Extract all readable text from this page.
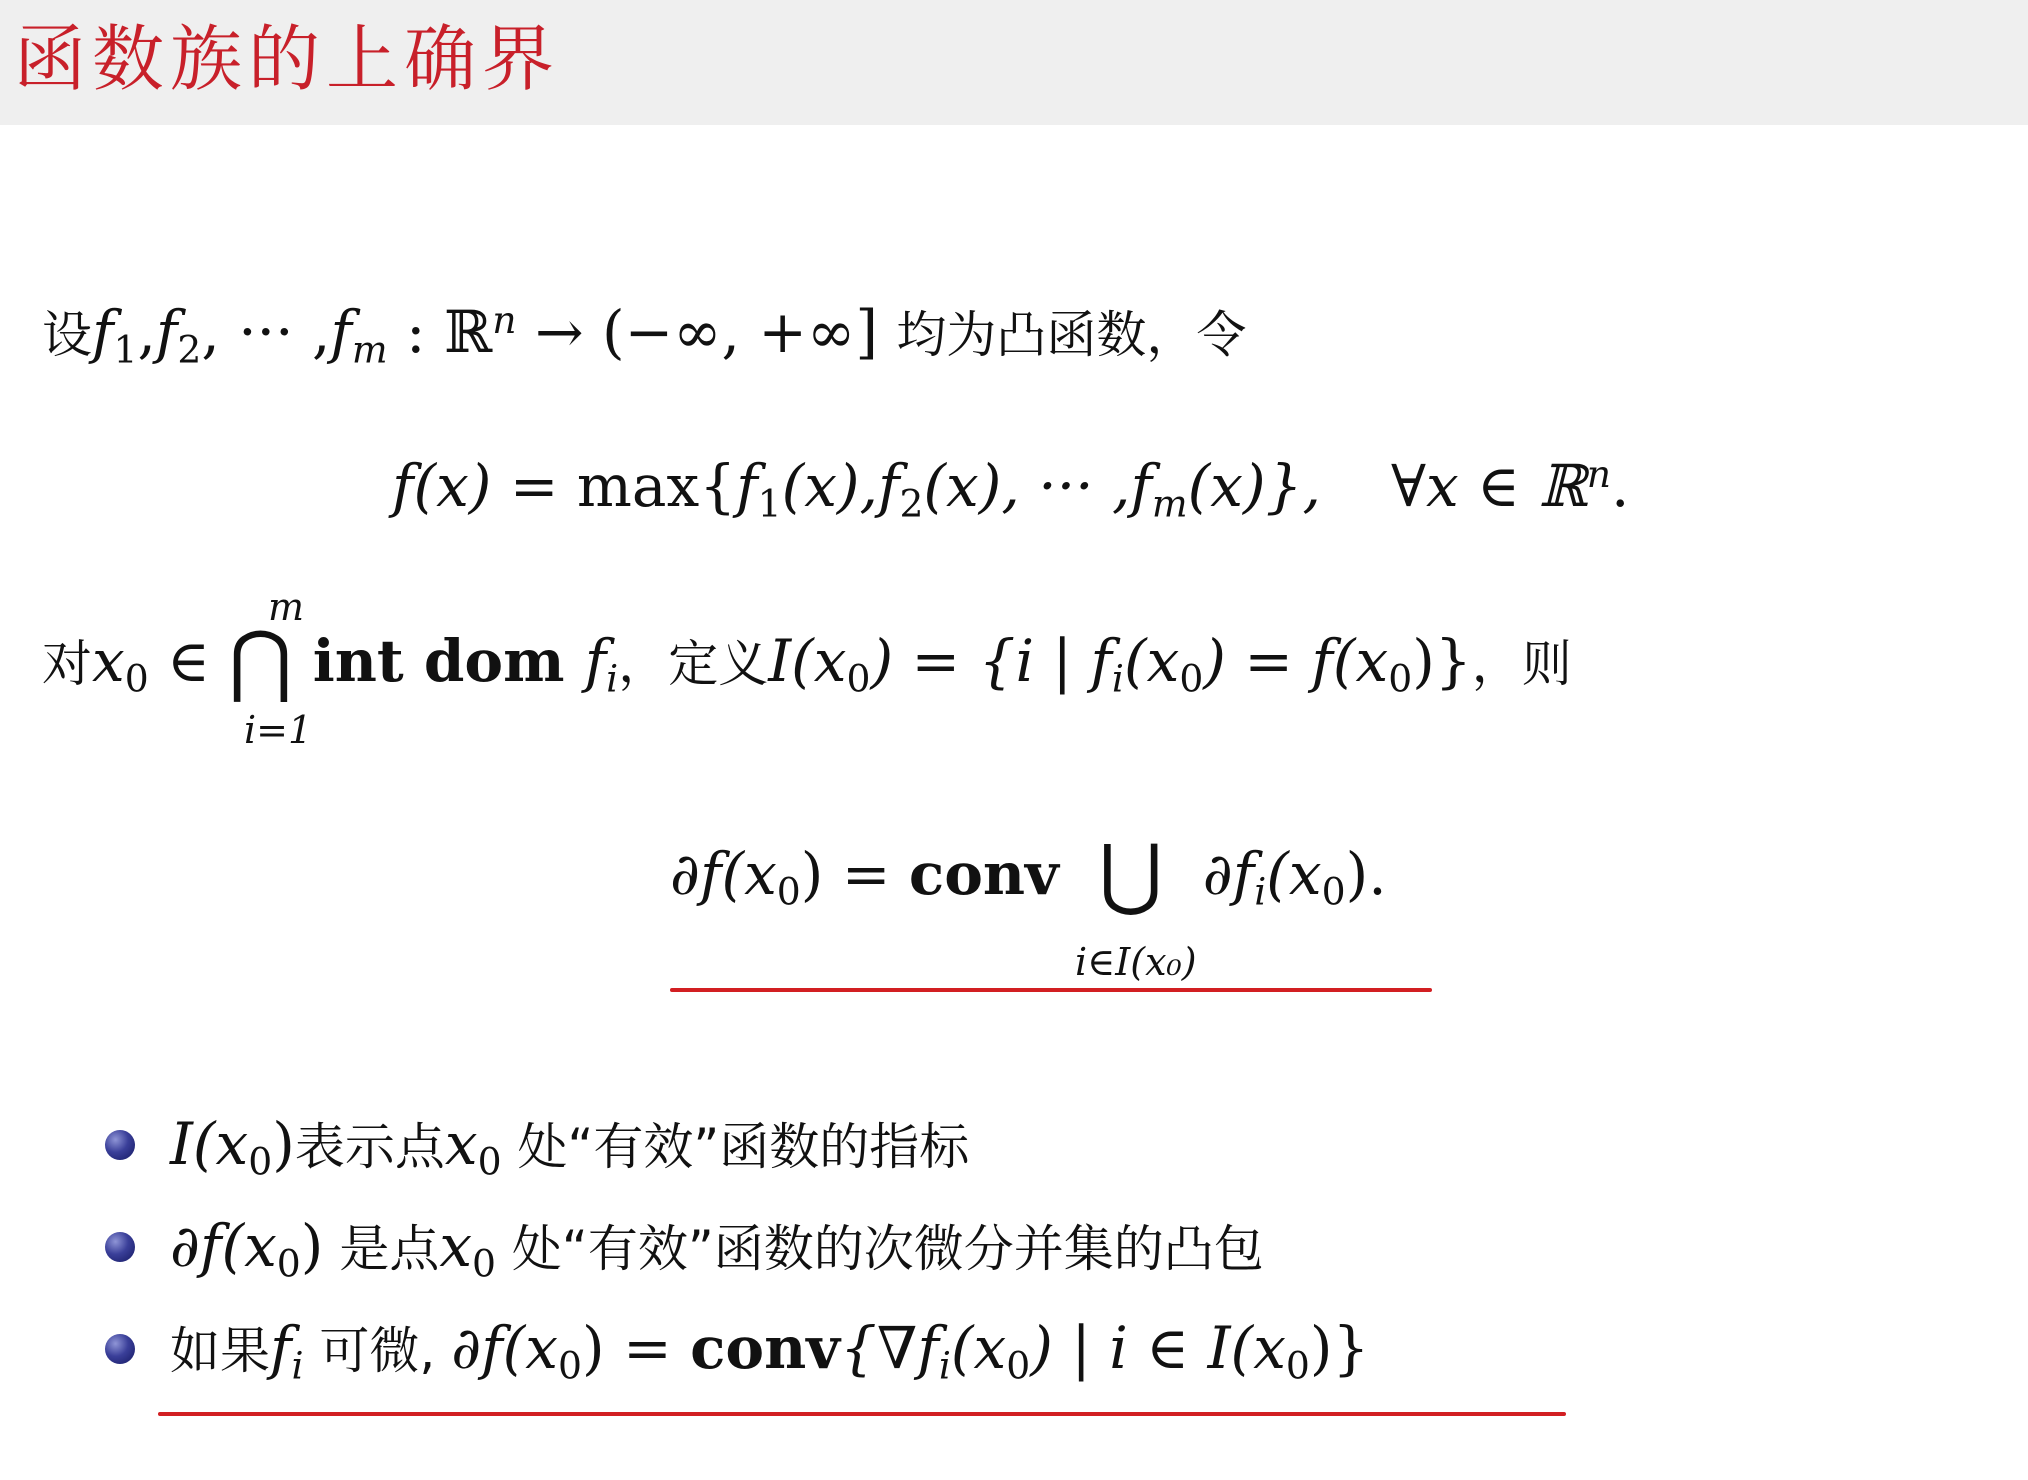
函数族的上确界
设$f_1,f_2$, ··· $,f_m$ : ℝ$^n$ → (−∞, +∞] 均为凸函数，令
$f(x) = \max\{f_1(x),f_2(x)$, ··· $,f_m(x)$}, ∀x ∈ ℝ$^n$.
对$x_0$ ∈ ⋂ int dom $f_i$，定义$I(x_0) = \{i$ | $f_i(x_0) = f(x_0)$}，则
m
i=1
$\partial f(x_0)$ = conv ⋃ $\partial f_i(x_0)$.
i∈I(x₀)
$I(x_0)$表示点$x_0$ 处“有效”函数的指标
$\partial f(x_0)$ 是点$x_0$ 处“有效”函数的次微分并集的凸包
如果$f_i$ 可微, $\partial f(x_0)$ = $conv\{\nabla f_i(x_0)$ | i ∈ $I(x_0)$}
